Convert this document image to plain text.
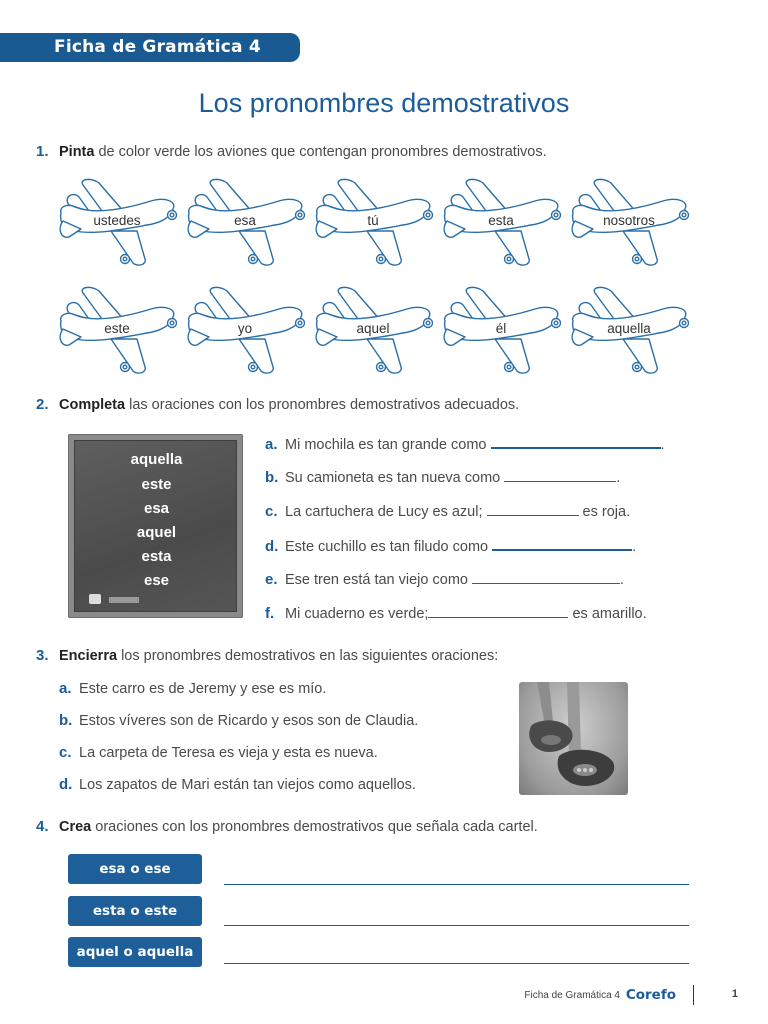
Ficha de Gramática 4
Los pronombres demostrativos
1. Pinta de color verde los aviones que contengan pronombres demostrativos.
ustedes	esa	tú	esta	nosotros
este	yo	aquel	él	aquella
2. Completa las oraciones con los pronombres demostrativos adecuados.
aquella
este
esa
aquel
esta
ese
a. Mi mochila es tan grande como	.
b. Su camioneta es tan nueva como	.
c. La cartuchera de Lucy es azul;	es roja.
d. Este cuchillo es tan filudo como	.
e. Ese tren está tan viejo como	.
f. Mi cuaderno es verde;	es amarillo.
3. Encierra los pronombres demostrativos en las siguientes oraciones:
a. Este carro es de Jeremy y ese es mío.
b. Estos víveres son de Ricardo y esos son de Claudia.
c. La carpeta de Teresa es vieja y esta es nueva.
d. Los zapatos de Mari están tan viejos como aquellos.
4. Crea oraciones con los pronombres demostrativos que señala cada cartel.
esa o ese
esta o este
aquel o aquella
Ficha de Gramática 4 Corefo	1
